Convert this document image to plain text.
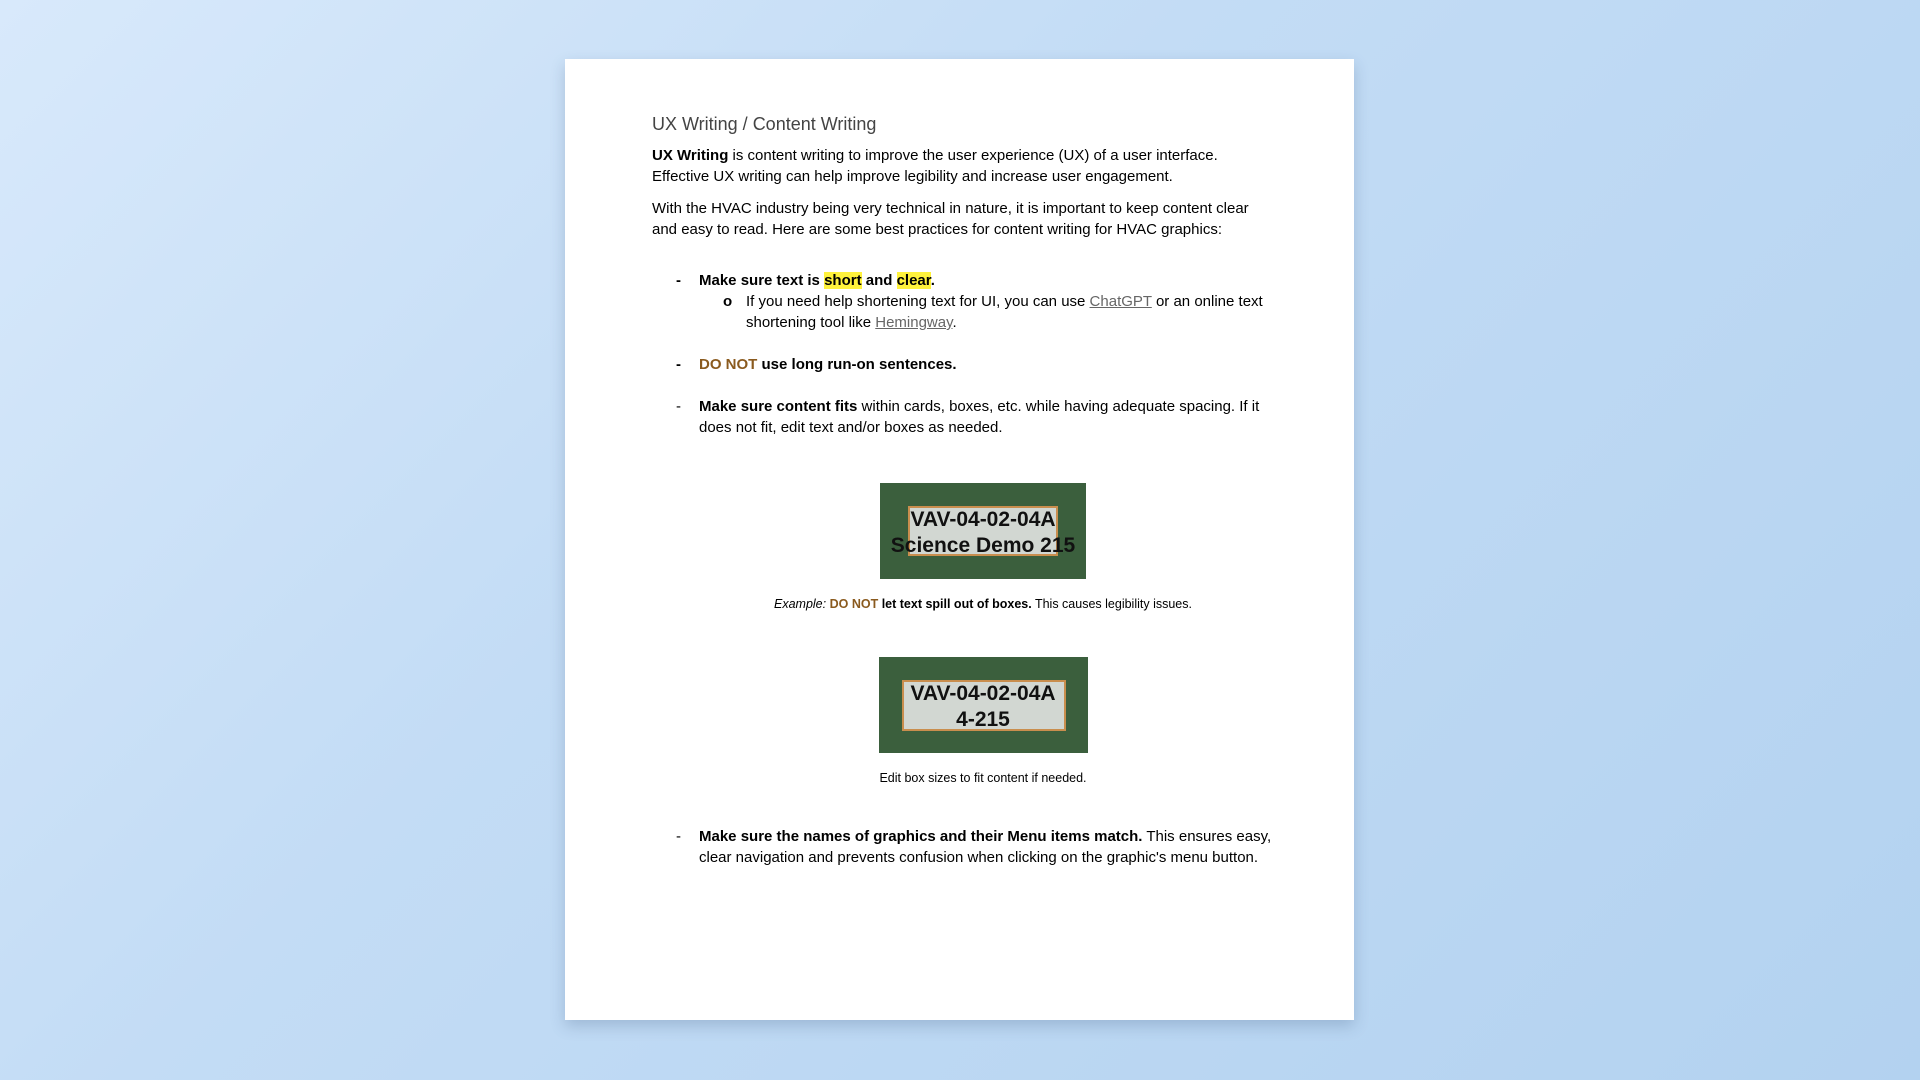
UX Writing / Content Writing

UX Writing is content writing to improve the user experience (UX) of a user interface.
Effective UX writing can help improve legibility and increase user engagement.

With the HVAC industry being very technical in nature, it is important to keep content clear and easy to read. Here are some best practices for content writing for HVAC graphics:

- Make sure text is short and clear.
o If you need help shortening text for UI, you can use ChatGPT or an online text shortening tool like Hemingway.
- DO NOT use long run-on sentences.
- Make sure content fits within cards, boxes, etc. while having adequate spacing. If it does not fit, edit text and/or boxes as needed.
VAV-04-02-04A
Science Demo 215
Example: DO NOT let text spill out of boxes. This causes legibility issues.
VAV-04-02-04A
4-215
Edit box sizes to fit content if needed.
- Make sure the names of graphics and their Menu items match. This ensures easy, clear navigation and prevents confusion when clicking on the graphic's menu button.
